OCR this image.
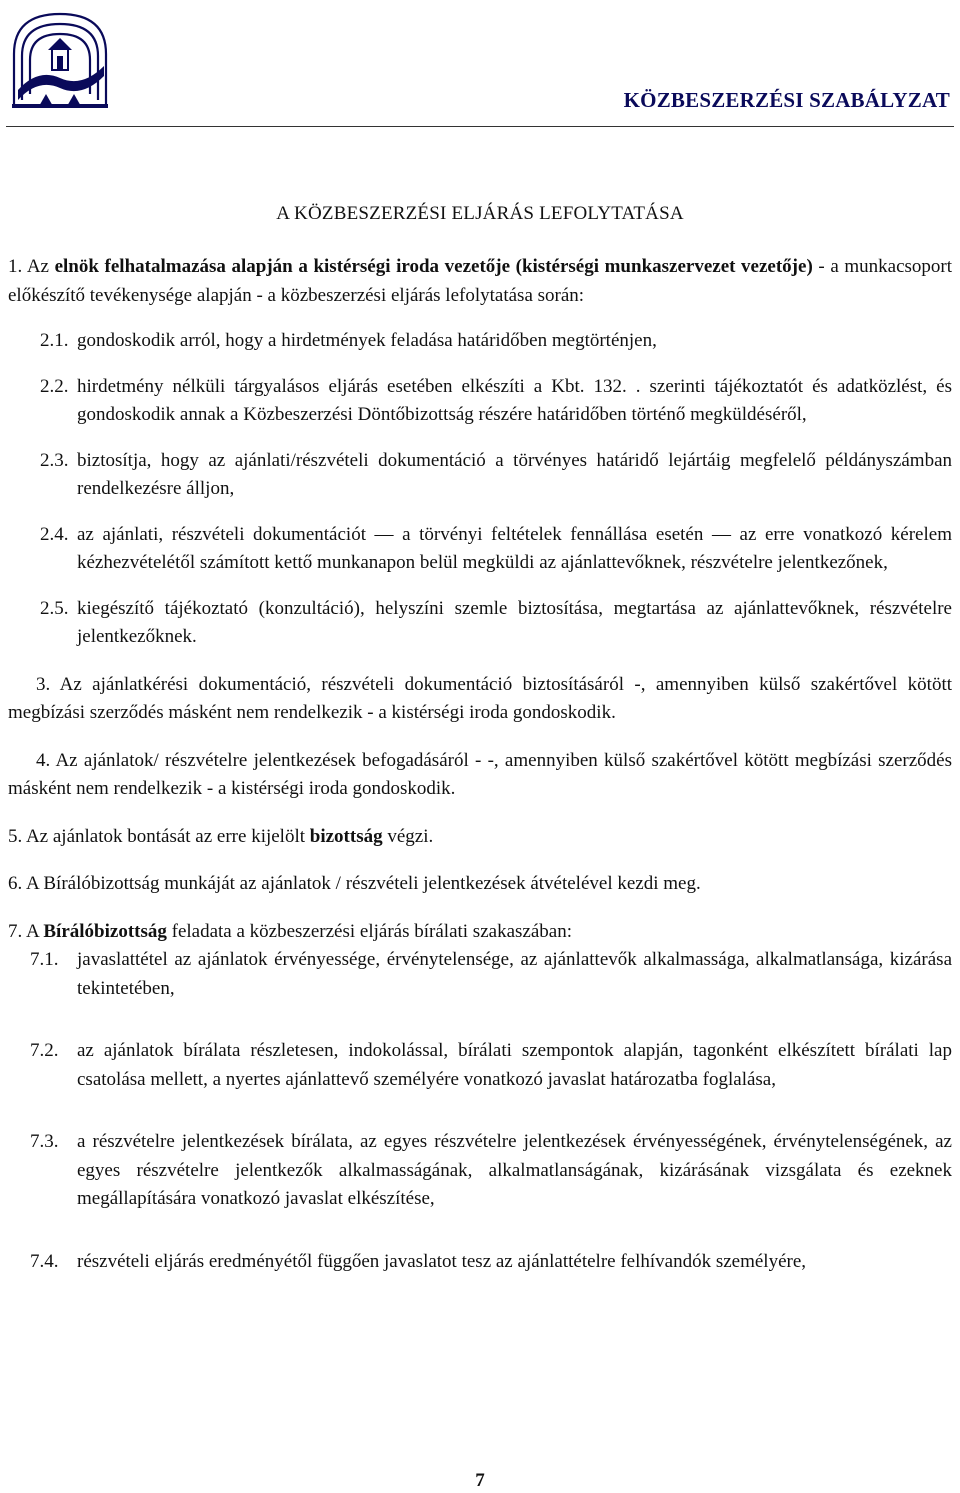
KÖZBESZERZÉSI SZABÁLYZAT
A KÖZBESZERZÉSI ELJÁRÁS LEFOLYTATÁSA

1. Az elnök felhatalmazása alapján a kistérségi iroda vezetője (kistérségi munkaszervezet vezetője) - a munkacsoport előkészítő tevékenysége alapján - a közbeszerzési eljárás lefolytatása során:

2.1. gondoskodik arról, hogy a hirdetmények feladása határidőben megtörténjen,
2.2. hirdetmény nélküli tárgyalásos eljárás esetében elkészíti a Kbt. 132. . szerinti tájékoztatót és adatközlést, és gondoskodik annak a Közbeszerzési Döntőbizottság részére határidőben történő megküldéséről,
2.3. biztosítja, hogy az ajánlati/részvételi dokumentáció a törvényes határidő lejártáig megfelelő példányszámban rendelkezésre álljon,
2.4. az ajánlati, részvételi dokumentációt — a törvényi feltételek fennállása esetén — az erre vonatkozó kérelem kézhezvételétől számított kettő munkanapon belül megküldi az ajánlattevőknek, részvételre jelentkezőnek,
2.5. kiegészítő tájékoztató (konzultáció), helyszíni szemle biztosítása, megtartása az ajánlattevőknek, részvételre jelentkezőknek.

3. Az ajánlatkérési dokumentáció, részvételi dokumentáció biztosításáról -, amennyiben külső szakértővel kötött megbízási szerződés másként nem rendelkezik - a kistérségi iroda gondoskodik.

4. Az ajánlatok/ részvételre jelentkezések befogadásáról - -, amennyiben külső szakértővel kötött megbízási szerződés másként nem rendelkezik - a kistérségi iroda gondoskodik.

5. Az ajánlatok bontását az erre kijelölt bizottság végzi.

6. A Bírálóbizottság munkáját az ajánlatok / részvételi jelentkezések átvételével kezdi meg.

7. A Bírálóbizottság feladata a közbeszerzési eljárás bírálati szakaszában:

7.1. javaslattétel az ajánlatok érvényessége, érvénytelensége, az ajánlattevők alkalmassága, alkalmatlansága, kizárása tekintetében,
7.2. az ajánlatok bírálata részletesen, indokolással, bírálati szempontok alapján, tagonként elkészített bírálati lap csatolása mellett, a nyertes ajánlattevő személyére vonatkozó javaslat határozatba foglalása,
7.3. a részvételre jelentkezések bírálata, az egyes részvételre jelentkezések érvényességének, érvénytelenségének, az egyes részvételre jelentkezők alkalmasságának, alkalmatlanságának, kizárásának vizsgálata és ezeknek megállapítására vonatkozó javaslat elkészítése,
7.4. részvételi eljárás eredményétől függően javaslatot tesz az ajánlattételre felhívandók személyére,
7
